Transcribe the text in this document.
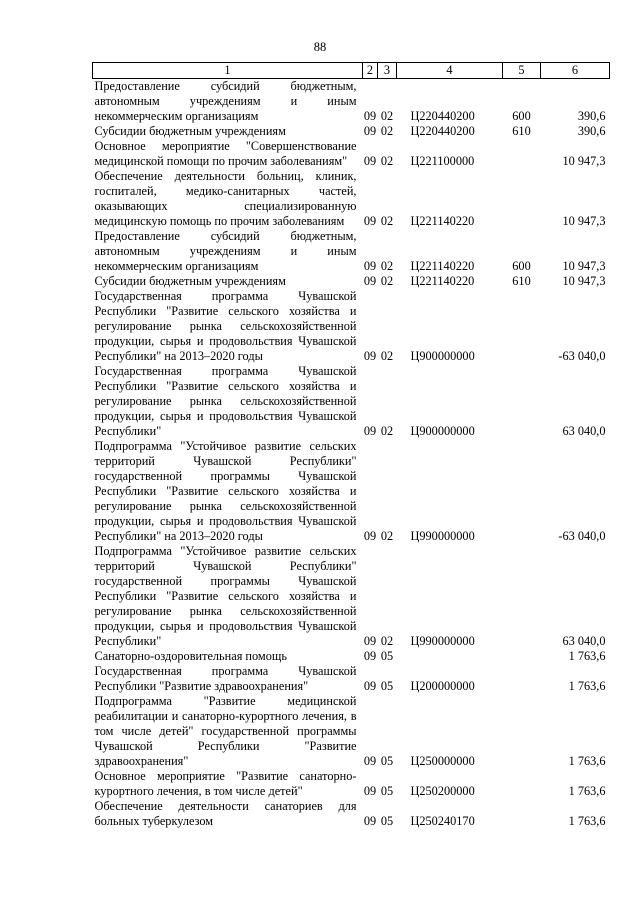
88
1	2	3	4	5	6
Предоставление субсидий бюджетным, автономным учреждениям и иным некоммерческим организациям	09	02	Ц220440200	600	390,6
Субсидии бюджетным учреждениям	09	02	Ц220440200	610	390,6
Основное мероприятие "Совершенствование медицинской помощи по прочим заболеваниям"	09	02	Ц221100000		10 947,3
Обеспечение деятельности больниц, клиник, госпиталей, медико-санитарных частей, оказывающих специализированную медицинскую помощь по прочим заболеваниям	09	02	Ц221140220		10 947,3
Предоставление субсидий бюджетным, автономным учреждениям и иным некоммерческим организациям	09	02	Ц221140220	600	10 947,3
Субсидии бюджетным учреждениям	09	02	Ц221140220	610	10 947,3
Государственная программа Чувашской Республики "Развитие сельского хозяйства и регулирование рынка сельскохозяйственной продукции, сырья и продовольствия Чувашской Республики" на 2013–2020 годы	09	02	Ц900000000		-63 040,0
Государственная программа Чувашской Республики "Развитие сельского хозяйства и регулирование рынка сельскохозяйственной продукции, сырья и продовольствия Чувашской Республики"	09	02	Ц900000000		63 040,0
Подпрограмма "Устойчивое развитие сельских территорий Чувашской Республики" государственной программы Чувашской Республики "Развитие сельского хозяйства и регулирование рынка сельскохозяйственной продукции, сырья и продовольствия Чувашской Республики" на 2013–2020 годы	09	02	Ц990000000		-63 040,0
Подпрограмма "Устойчивое развитие сельских территорий Чувашской Республики" государственной программы Чувашской Республики "Развитие сельского хозяйства и регулирование рынка сельскохозяйственной продукции, сырья и продовольствия Чувашской Республики"	09	02	Ц990000000		63 040,0
Санаторно-оздоровительная помощь	09	05			1 763,6
Государственная программа Чувашской Республики "Развитие здравоохранения"	09	05	Ц200000000		1 763,6
Подпрограмма "Развитие медицинской реабилитации и санаторно-курортного лечения, в том числе детей" государственной программы Чувашской Республики "Развитие здравоохранения"	09	05	Ц250000000		1 763,6
Основное мероприятие "Развитие санаторно-курортного лечения, в том числе детей"	09	05	Ц250200000		1 763,6
Обеспечение деятельности санаториев для больных туберкулезом	09	05	Ц250240170		1 763,6
